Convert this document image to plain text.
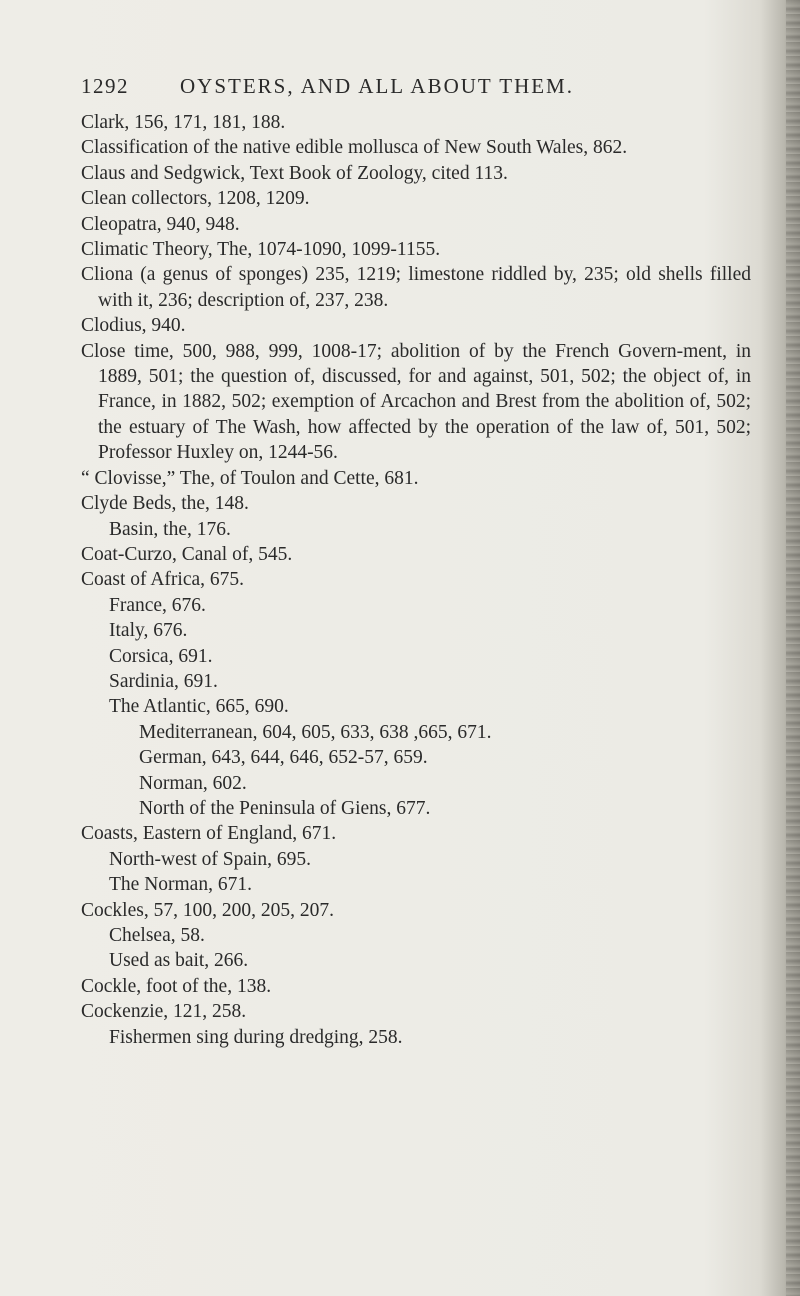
1292 OYSTERS, AND ALL ABOUT THEM.

Clark, 156, 171, 181, 188.

Classification of the native edible mollusca of New South Wales, 862.

Claus and Sedgwick, Text Book of Zoology, cited 113.

Clean collectors, 1208, 1209.

Cleopatra, 940, 948.

Climatic Theory, The, 1074-1090, 1099-1155.

Cliona (a genus of sponges) 235, 1219; limestone riddled by, 235; old shells filled with it, 236; description of, 237, 238.

Clodius, 940.

Close time, 500, 988, 999, 1008-17; abolition of by the French Govern-ment, in 1889, 501; the question of, discussed, for and against, 501, 502; the object of, in France, in 1882, 502; exemption of Arcachon and Brest from the abolition of, 502; the estuary of The Wash, how affected by the operation of the law of, 501, 502; Professor Huxley on, 1244-56.

“ Clovisse,” The, of Toulon and Cette, 681.

Clyde Beds, the, 148.

Basin, the, 176.

Coat-Curzo, Canal of, 545.

Coast of Africa, 675.

France, 676.

Italy, 676.

Corsica, 691.

Sardinia, 691.

The Atlantic, 665, 690.

Mediterranean, 604, 605, 633, 638 ,665, 671.

German, 643, 644, 646, 652-57, 659.

Norman, 602.

North of the Peninsula of Giens, 677.

Coasts, Eastern of England, 671.

North-west of Spain, 695.

The Norman, 671.

Cockles, 57, 100, 200, 205, 207.

Chelsea, 58.

Used as bait, 266.

Cockle, foot of the, 138.

Cockenzie, 121, 258.

Fishermen sing during dredging, 258.
